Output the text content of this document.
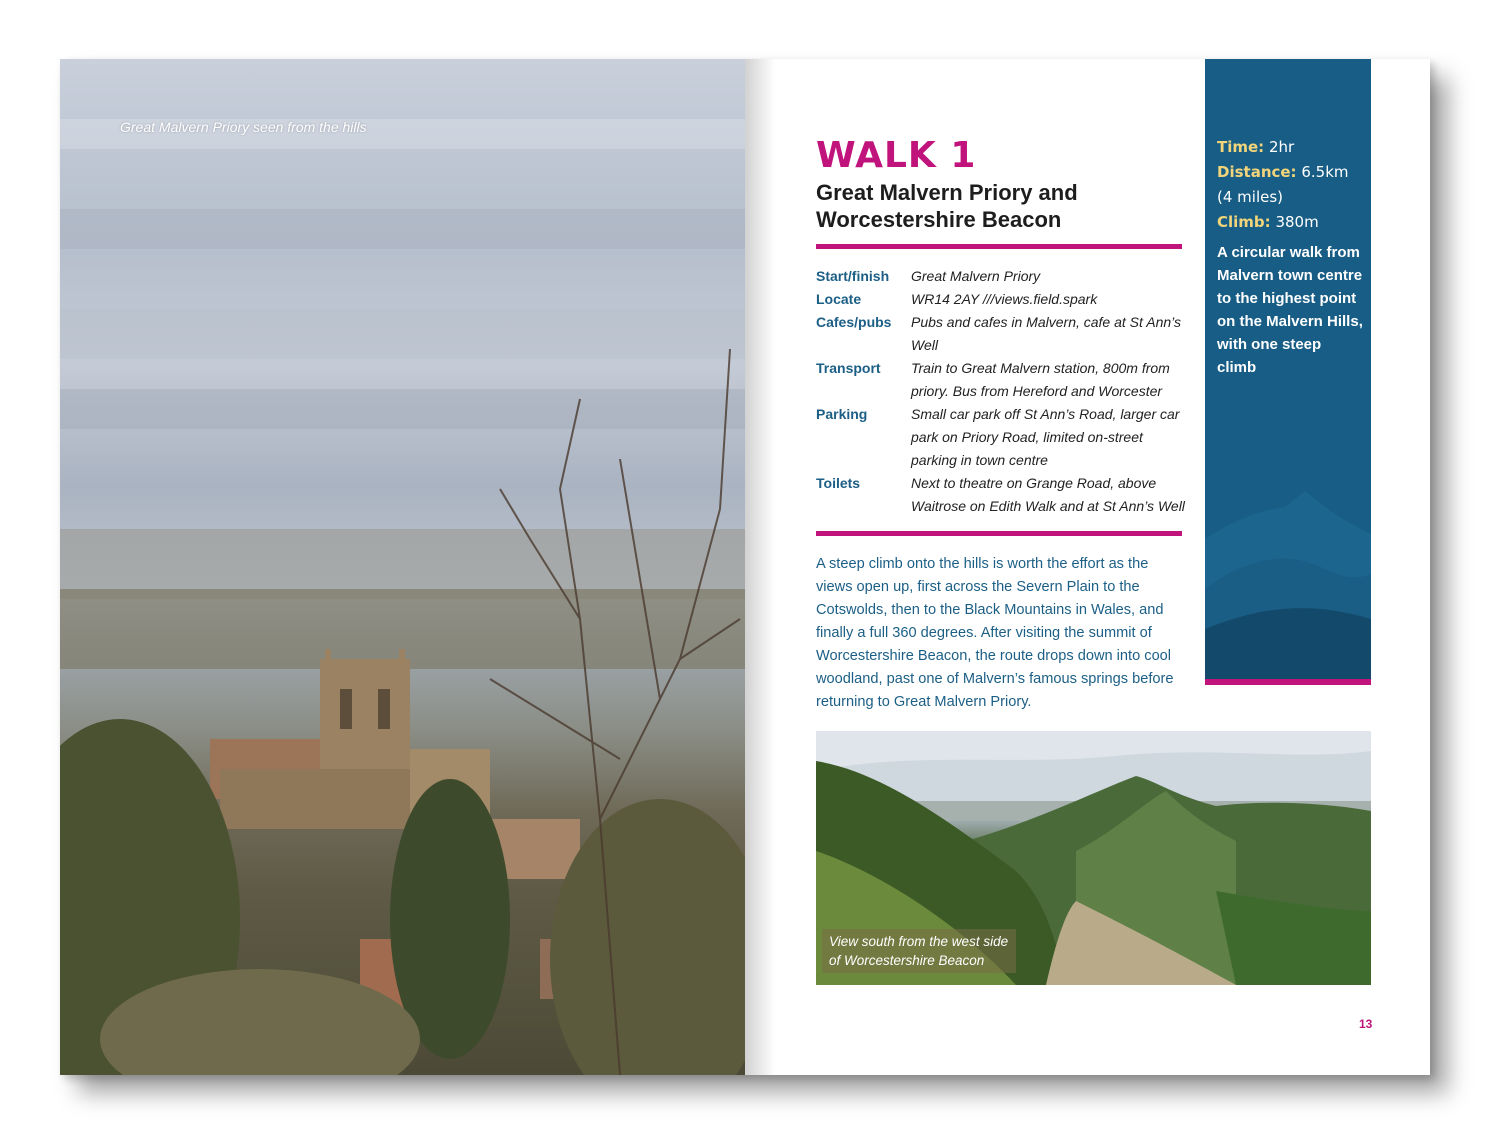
Great Malvern Priory seen from the hills
WALK 1
Great Malvern Priory and
Worcestershire Beacon
Start/finish	Great Malvern Priory
Locate	WR14 2AY ///views.field.spark
Cafes/pubs	Pubs and cafes in Malvern, cafe at St Ann’s Well
Transport	Train to Great Malvern station, 800m from priory. Bus from Hereford and Worcester
Parking	Small car park off St Ann’s Road, larger car park on Priory Road, limited on-street parking in town centre
Toilets	Next to theatre on Grange Road, above Waitrose on Edith Walk and at St Ann’s Well
A steep climb onto the hills is worth the effort as the views open up, first across the Severn Plain to the Cotswolds, then to the Black Mountains in Wales, and finally a full 360 degrees. After visiting the summit of Worcestershire Beacon, the route drops down into cool woodland, past one of Malvern’s famous springs before returning to Great Malvern Priory.
Time: 2hr
Distance: 6.5km
(4 miles)
Climb: 380m
A circular walk from Malvern town centre to the highest point on the Malvern Hills, with one steep climb
View south from the west side
of Worcestershire Beacon
13
